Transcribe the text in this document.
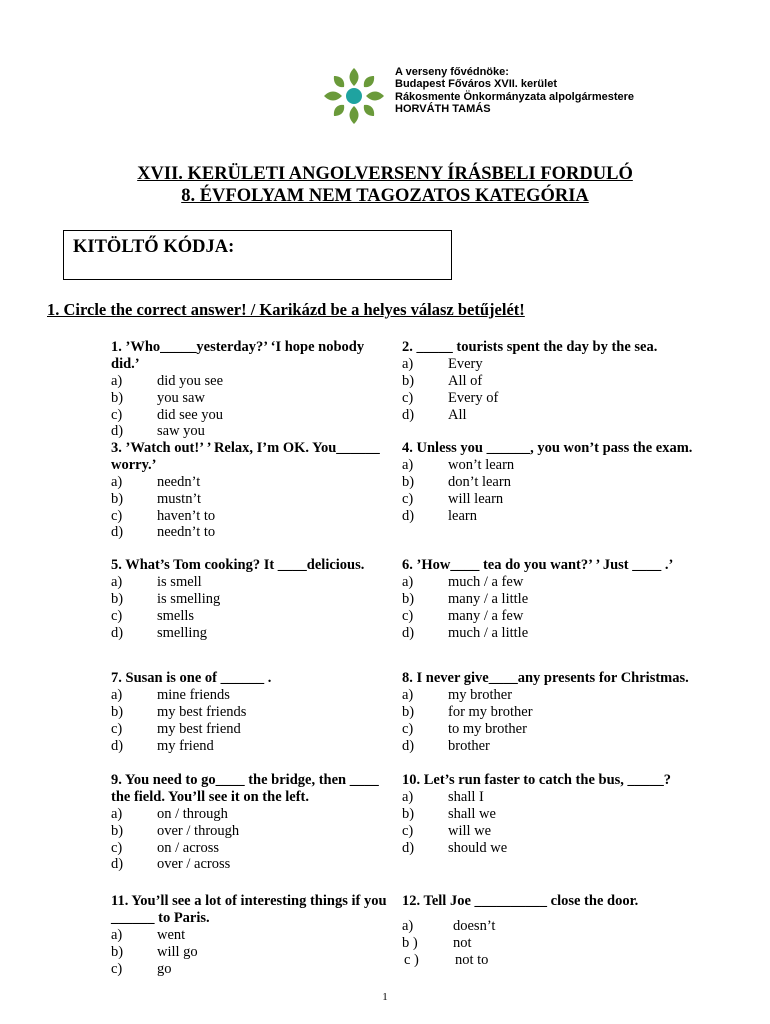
A verseny fővédnöke:
Budapest Főváros XVII. kerület
Rákosmente Önkormányzata alpolgármestere
HORVÁTH TAMÁS
XVII. KERÜLETI ANGOLVERSENY ÍRÁSBELI FORDULÓ
8. ÉVFOLYAM NEM TAGOZATOS KATEGÓRIA
KITÖLTŐ KÓDJA:
1. Circle the correct answer! / Karikázd be a helyes válasz betűjelét!
1. ’Who_____yesterday?’ ‘I hope nobody did.’
a) did you see
b) you saw
c) did see you
d) saw you
2. _____ tourists spent the day by the sea.
a) Every
b) All of
c) Every of
d) All
3. ’Watch out!’ ’ Relax, I’m OK. You______ worry.’
a) needn’t
b) mustn’t
c) haven’t to
d) needn’t to
4. Unless you ______, you won’t pass the exam.
a) won’t learn
b) don’t learn
c) will learn
d) learn
5. What’s Tom cooking? It ____delicious.
a) is smell
b) is smelling
c) smells
d) smelling
6. ’How____ tea do you want?’ ’ Just ____ .’
a) much / a few
b) many / a little
c) many / a few
d) much / a little
7. Susan is one of ______ .
a) mine friends
b) my best friends
c) my best friend
d) my friend
8. I never give____any presents for Christmas.
a) my brother
b) for my brother
c) to my brother
d) brother
9. You need to go____ the bridge, then ____ the field. You’ll see it on the left.
a) on / through
b) over / through
c) on / across
d) over / across
10. Let’s run faster to catch the bus, _____?
a) shall I
b) shall we
c) will we
d) should we
11. You’ll see a lot of interesting things if you ______ to Paris.
a) went
b) will go
c) go
12. Tell Joe __________ close the door.
a)	doesn’t
b ) not
c ) not to
1
